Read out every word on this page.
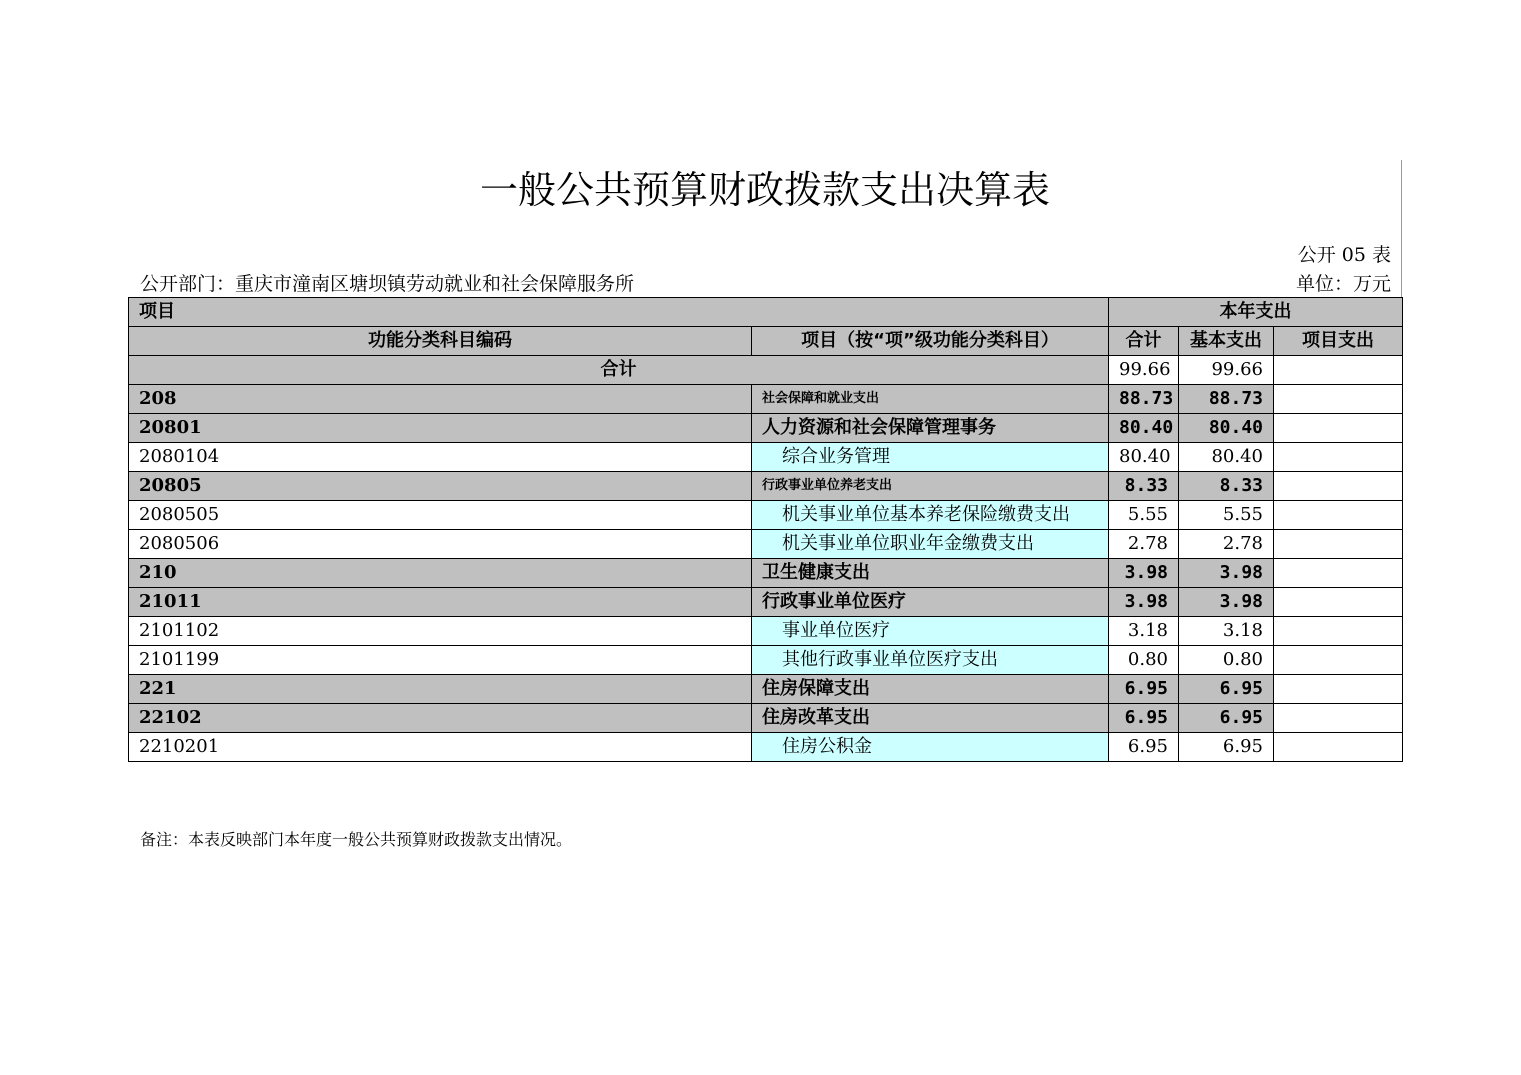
一般公共预算财政拨款支出决算表
公开 05 表
公开部门：重庆市潼南区塘坝镇劳动就业和社会保障服务所	单位：万元
项目		本年支出		
功能分类科目编码	项目（按“项”级功能分类科目）	合计	基本支出	项目支出
合计		99.66	99.66	
208	社会保障和就业支出	88.73	88.73	
20801	人力资源和社会保障管理事务	80.40	80.40	
2080104	综合业务管理	80.40	80.40	
20805	行政事业单位养老支出	8.33	8.33	
2080505	机关事业单位基本养老保险缴费支出	5.55	5.55	
2080506	机关事业单位职业年金缴费支出	2.78	2.78	
210	卫生健康支出	3.98	3.98	
21011	行政事业单位医疗	3.98	3.98	
2101102	事业单位医疗	3.18	3.18	
2101199	其他行政事业单位医疗支出	0.80	0.80	
221	住房保障支出	6.95	6.95	
22102	住房改革支出	6.95	6.95	
2210201	住房公积金	6.95	6.95	
备注：本表反映部门本年度一般公共预算财政拨款支出情况。
